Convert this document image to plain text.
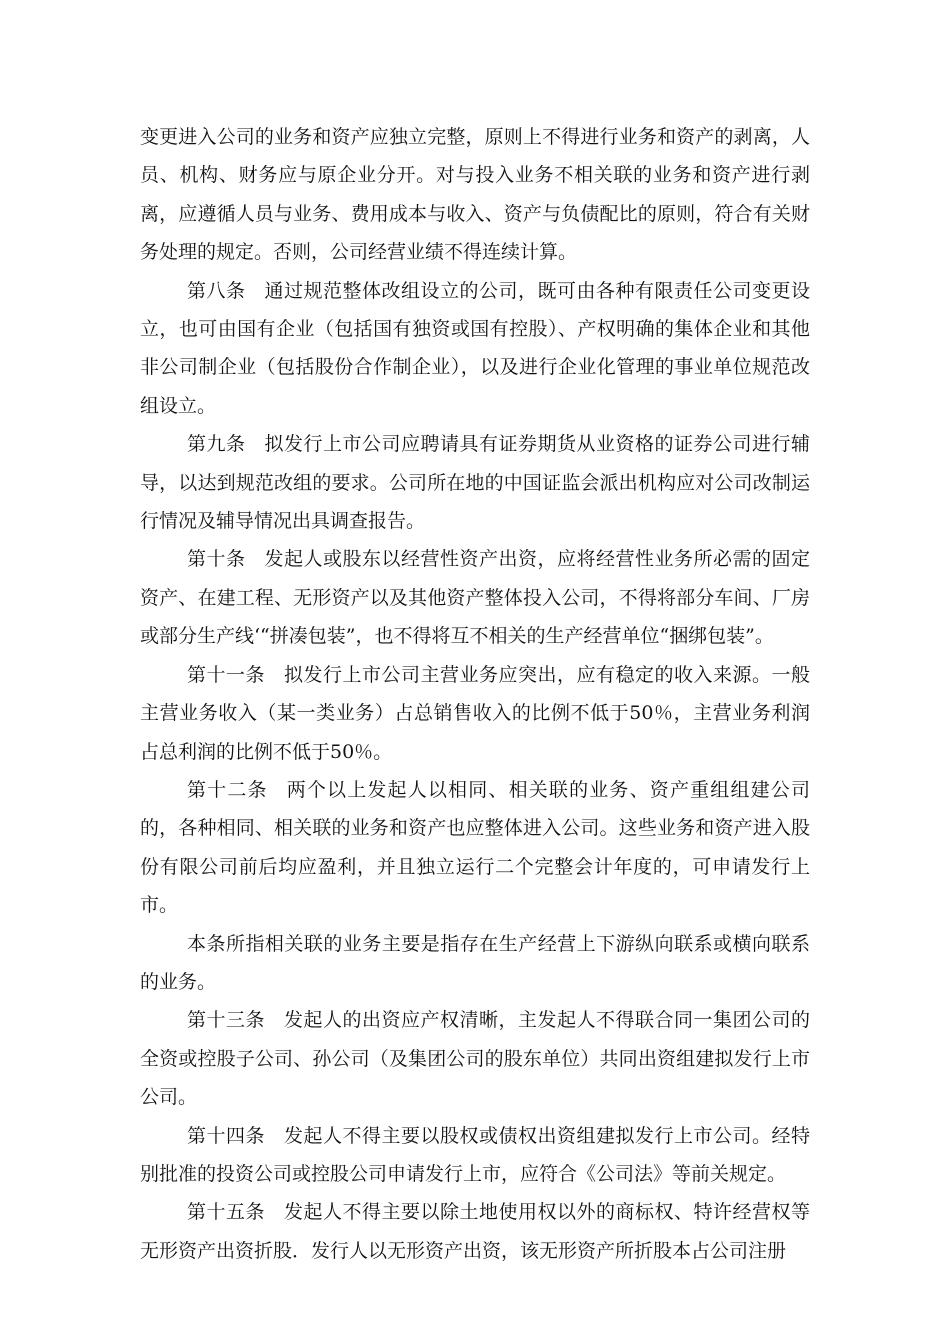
变更进入公司的业务和资产应独立完整，原则上不得进行业务和资产的剥离，人员、机构、财务应与原企业分开。对与投入业务不相关联的业务和资产进行剥离，应遵循人员与业务、费用成本与收入、资产与负债配比的原则，符合有关财务处理的规定。否则，公司经营业绩不得连续计算。

第八条 通过规范整体改组设立的公司，既可由各种有限责任公司变更设立，也可由国有企业（包括国有独资或国有控股）、产权明确的集体企业和其他非公司制企业（包括股份合作制企业），以及进行企业化管理的事业单位规范改组设立。

第九条 拟发行上市公司应聘请具有证券期货从业资格的证券公司进行辅导，以达到规范改组的要求。公司所在地的中国证监会派出机构应对公司改制运行情况及辅导情况出具调查报告。

第十条 发起人或股东以经营性资产出资，应将经营性业务所必需的固定资产、在建工程、无形资产以及其他资产整体投入公司，不得将部分车间、厂房或部分生产线‘“拼凑包装”，也不得将互不相关的生产经营单位“捆绑包装”。

第十一条 拟发行上市公司主营业务应突出，应有稳定的收入来源。一般主营业务收入（某一类业务）占总销售收入的比例不低于50％，主营业务利润占总利润的比例不低于50％。

第十二条 两个以上发起人以相同、相关联的业务、资产重组组建公司的，各种相同、相关联的业务和资产也应整体进入公司。这些业务和资产进入股份有限公司前后均应盈利，并且独立运行二个完整会计年度的，可申请发行上市。

本条所指相关联的业务主要是指存在生产经营上下游纵向联系或横向联系的业务。

第十三条 发起人的出资应产权清晰，主发起人不得联合同一集团公司的全资或控股子公司、孙公司（及集团公司的股东单位）共同出资组建拟发行上市公司。

第十四条 发起人不得主要以股权或债权出资组建拟发行上市公司。经特别批准的投资公司或控股公司申请发行上市，应符合《公司法》等前关规定。

第十五条 发起人不得主要以除土地使用权以外的商标权、特许经营权等无形资产出资折股．发行人以无形资产出资，该无形资产所折股本占公司注册
